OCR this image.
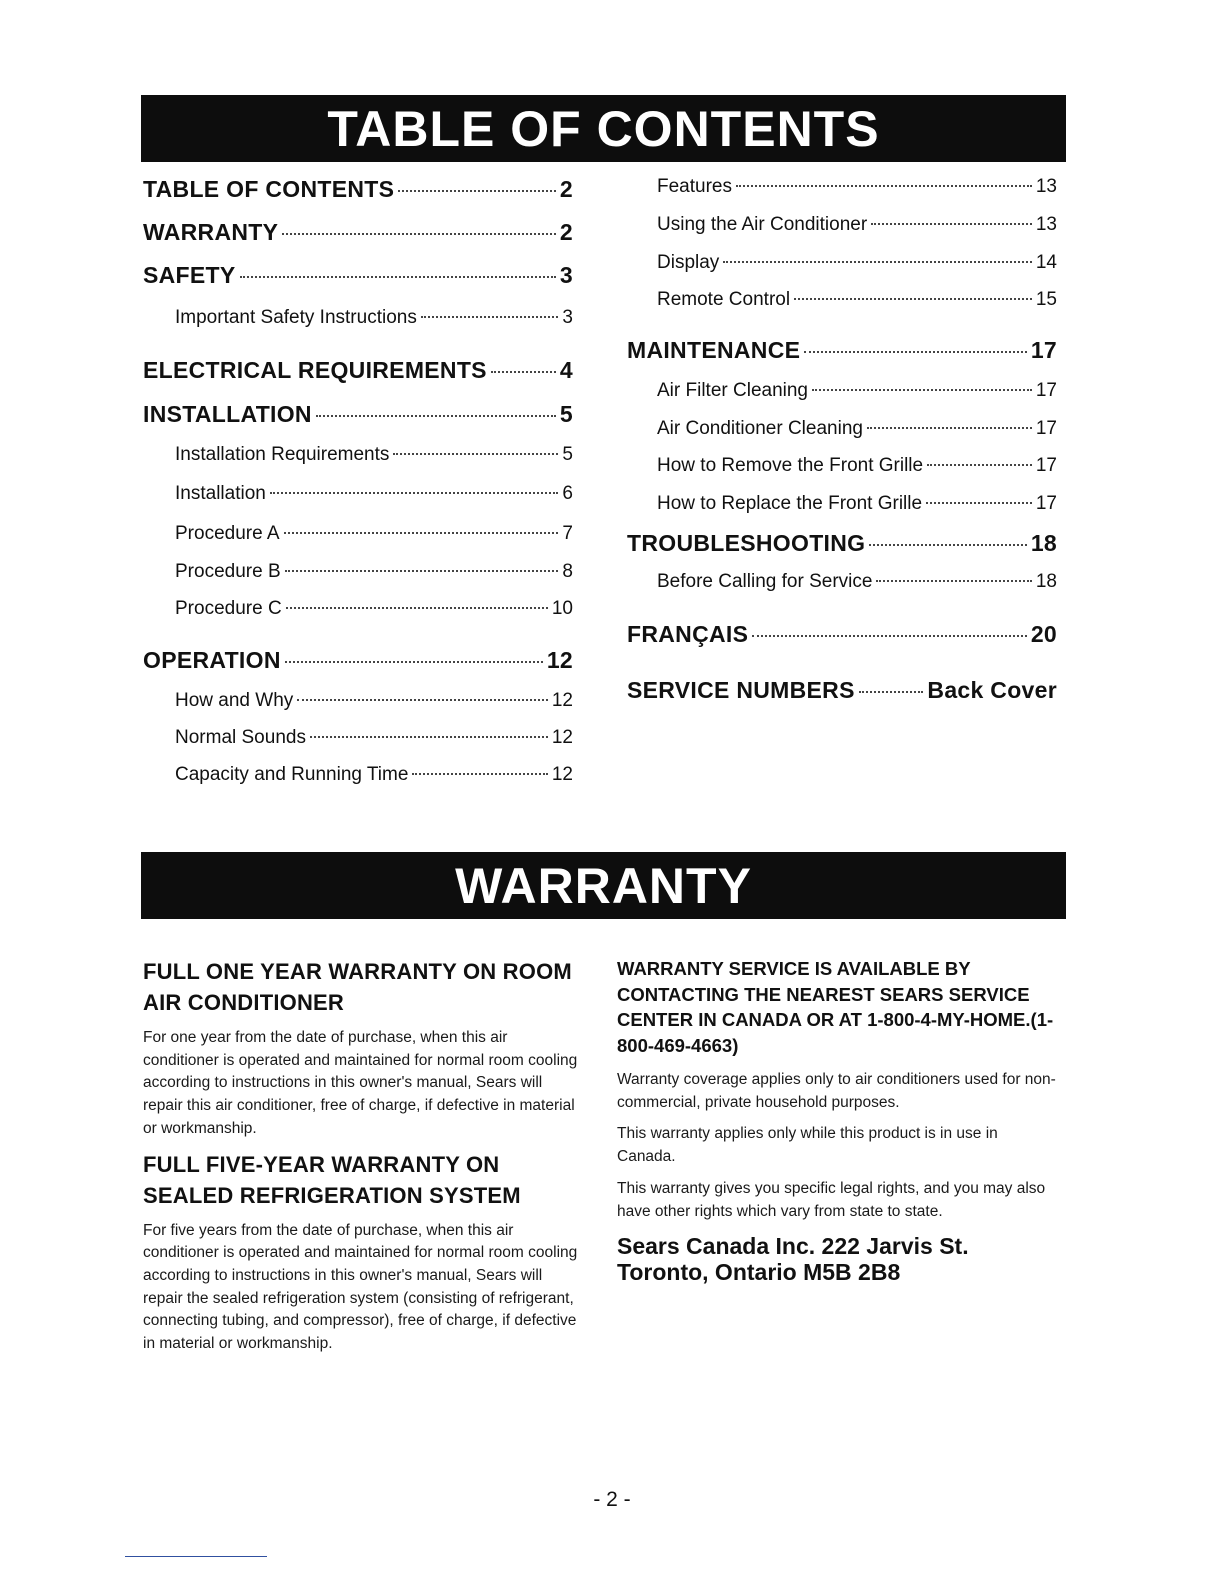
TABLE OF CONTENTS
TABLE OF CONTENTS	2
WARRANTY	2
SAFETY	3
Important Safety Instructions	3
ELECTRICAL REQUIREMENTS	4
INSTALLATION	5
Installation Requirements	5
Installation	6
Procedure A	7
Procedure B	8
Procedure C	10
OPERATION	12
How and Why	12
Normal Sounds	12
Capacity and Running Time	12
Features	13
Using the Air Conditioner	13
Display	14
Remote Control	15
MAINTENANCE	17
Air Filter Cleaning	17
Air Conditioner Cleaning	17
How to Remove the Front Grille	17
How to Replace the Front Grille	17
TROUBLESHOOTING	18
Before Calling for Service	18
FRANÇAIS	20
SERVICE NUMBERS	Back Cover
WARRANTY
FULL ONE YEAR WARRANTY ON ROOM AIR CONDITIONER
For one year from the date of purchase, when this air conditioner is operated and maintained for normal room cooling according to instructions in this owner's manual, Sears will repair this air conditioner, free of charge, if defective in material or workmanship.
FULL FIVE-YEAR WARRANTY ON SEALED REFRIGERATION SYSTEM
For five years from the date of purchase, when this air conditioner is operated and maintained for normal room cooling according to instructions in this owner's manual, Sears will repair the sealed refrigeration system (consisting of refrigerant, connecting tubing, and compressor), free of charge, if defective in material or workmanship.
WARRANTY SERVICE IS AVAILABLE BY CONTACTING THE NEAREST SEARS SERVICE CENTER IN CANADA OR AT 1-800-4-MY-HOME.(1-800-469-4663)
Warranty coverage applies only to air conditioners used for non-commercial, private household purposes.
This warranty applies only while this product is in use in Canada.
This warranty gives you specific legal rights, and you may also have other rights which vary from state to state.
Sears Canada Inc. 222 Jarvis St.
Toronto, Ontario M5B 2B8
- 2 -
